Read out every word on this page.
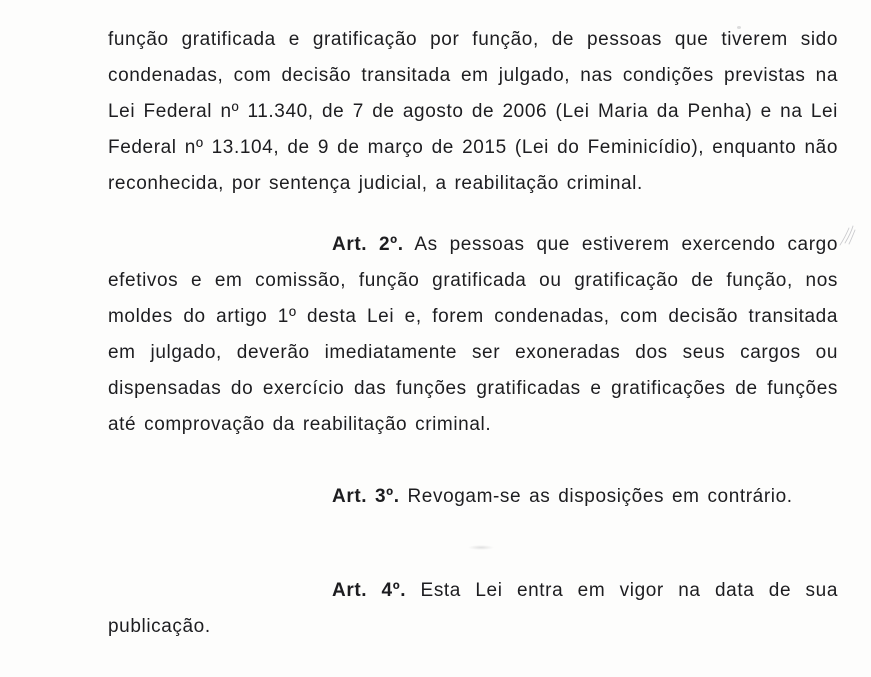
função gratificada e gratificação por função, de pessoas que tiverem sido condenadas, com decisão transitada em julgado, nas condições previstas na Lei Federal nº 11.340, de 7 de agosto de 2006 (Lei Maria da Penha) e na Lei Federal nº 13.104, de 9 de março de 2015 (Lei do Feminicídio), enquanto não reconhecida, por sentença judicial, a reabilitação criminal.

Art. 2º. As pessoas que estiverem exercendo cargo efetivos e em comissão, função gratificada ou gratificação de função, nos moldes do artigo 1º desta Lei e, forem condenadas, com decisão transitada em julgado, deverão imediatamente ser exoneradas dos seus cargos ou dispensadas do exercício das funções gratificadas e gratificações de funções até comprovação da reabilitação criminal.

Art. 3º. Revogam-se as disposições em contrário.

Art. 4º. Esta Lei entra em vigor na data de sua publicação.
